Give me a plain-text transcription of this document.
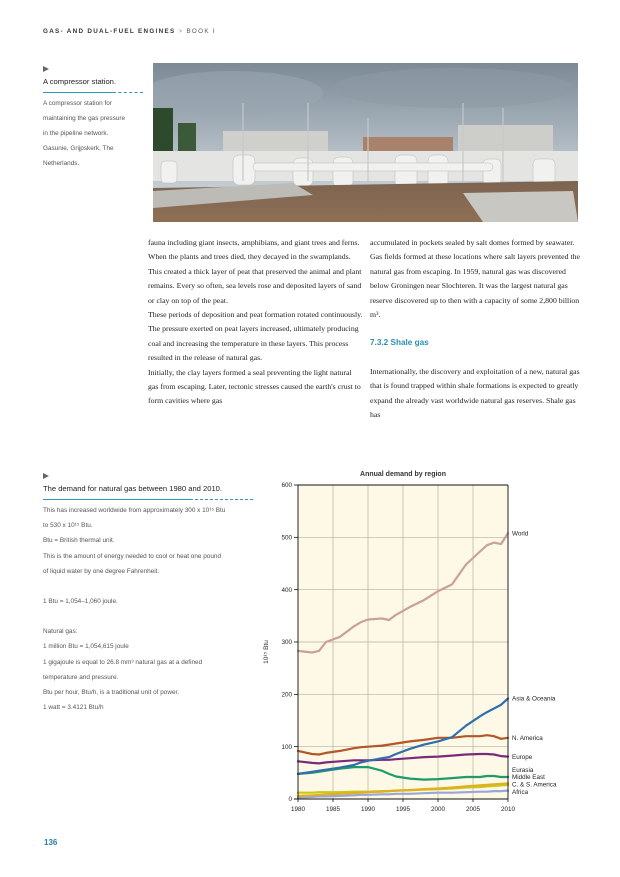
GAS- AND DUAL-FUEL ENGINES > BOOK I
A compressor station.
A compressor station for
maintaining the gas pressure
in the pipeline network.
Gasunie, Grijpskerk, The
Netherlands.

fauna including giant insects, amphibians, and giant trees and ferns. When the plants and trees died, they decayed in the swamplands.

This created a thick layer of peat that preserved the animal and plant remains. Every so often, sea levels rose and deposited layers of sand or clay on top of the peat.

These periods of deposition and peat formation rotated continuously. The pressure exerted on peat layers increased, ultimately producing coal and increasing the temperature in these layers. This process resulted in the release of natural gas.

Initially, the clay layers formed a seal preventing the light natural gas from escaping. Later, tectonic stresses caused the earth's crust to form cavities where gas

accumulated in pockets sealed by salt domes formed by seawater.

Gas fields formed at these locations where salt layers prevented the natural gas from escaping. In 1959, natural gas was discovered below Groningen near Slochteren. It was the largest natural gas reserve discovered up to then with a capacity of some 2,800 billion m³.

7.3.2 Shale gas

Internationally, the discovery and exploitation of a new, natural gas that is found trapped within shale formations is expected to greatly expand the already vast worldwide natural gas reserves. Shale gas has

The demand for natural gas between 1980 and 2010.
This has increased worldwide from approximately 300 x 10¹⁵ Btu
to 530 x 10¹⁵ Btu.
Btu = British thermal unit.
This is the amount of energy needed to cool or heat one pound
of liquid water by one degree Fahrenheit.
1 Btu = 1,054–1,060 joule.
Natural gas:
1 million Btu = 1,054,615 joule
1 gigajoule is equal to 26.8 mm³ natural gas at a defined
temperature and pressure.
Btu per hour, Btu/h, is a traditional unit of power.
1 watt = 3.4121 Btu/h
0
100
200
300
400
500
600
1980	1985	1990	1995	2000	2005	2010
World
Asia & Oceania
N. America
Europe
Eurasia
Middle East
C. & S. America
Africa
Annual demand by region
10¹⁵ Btu
136
